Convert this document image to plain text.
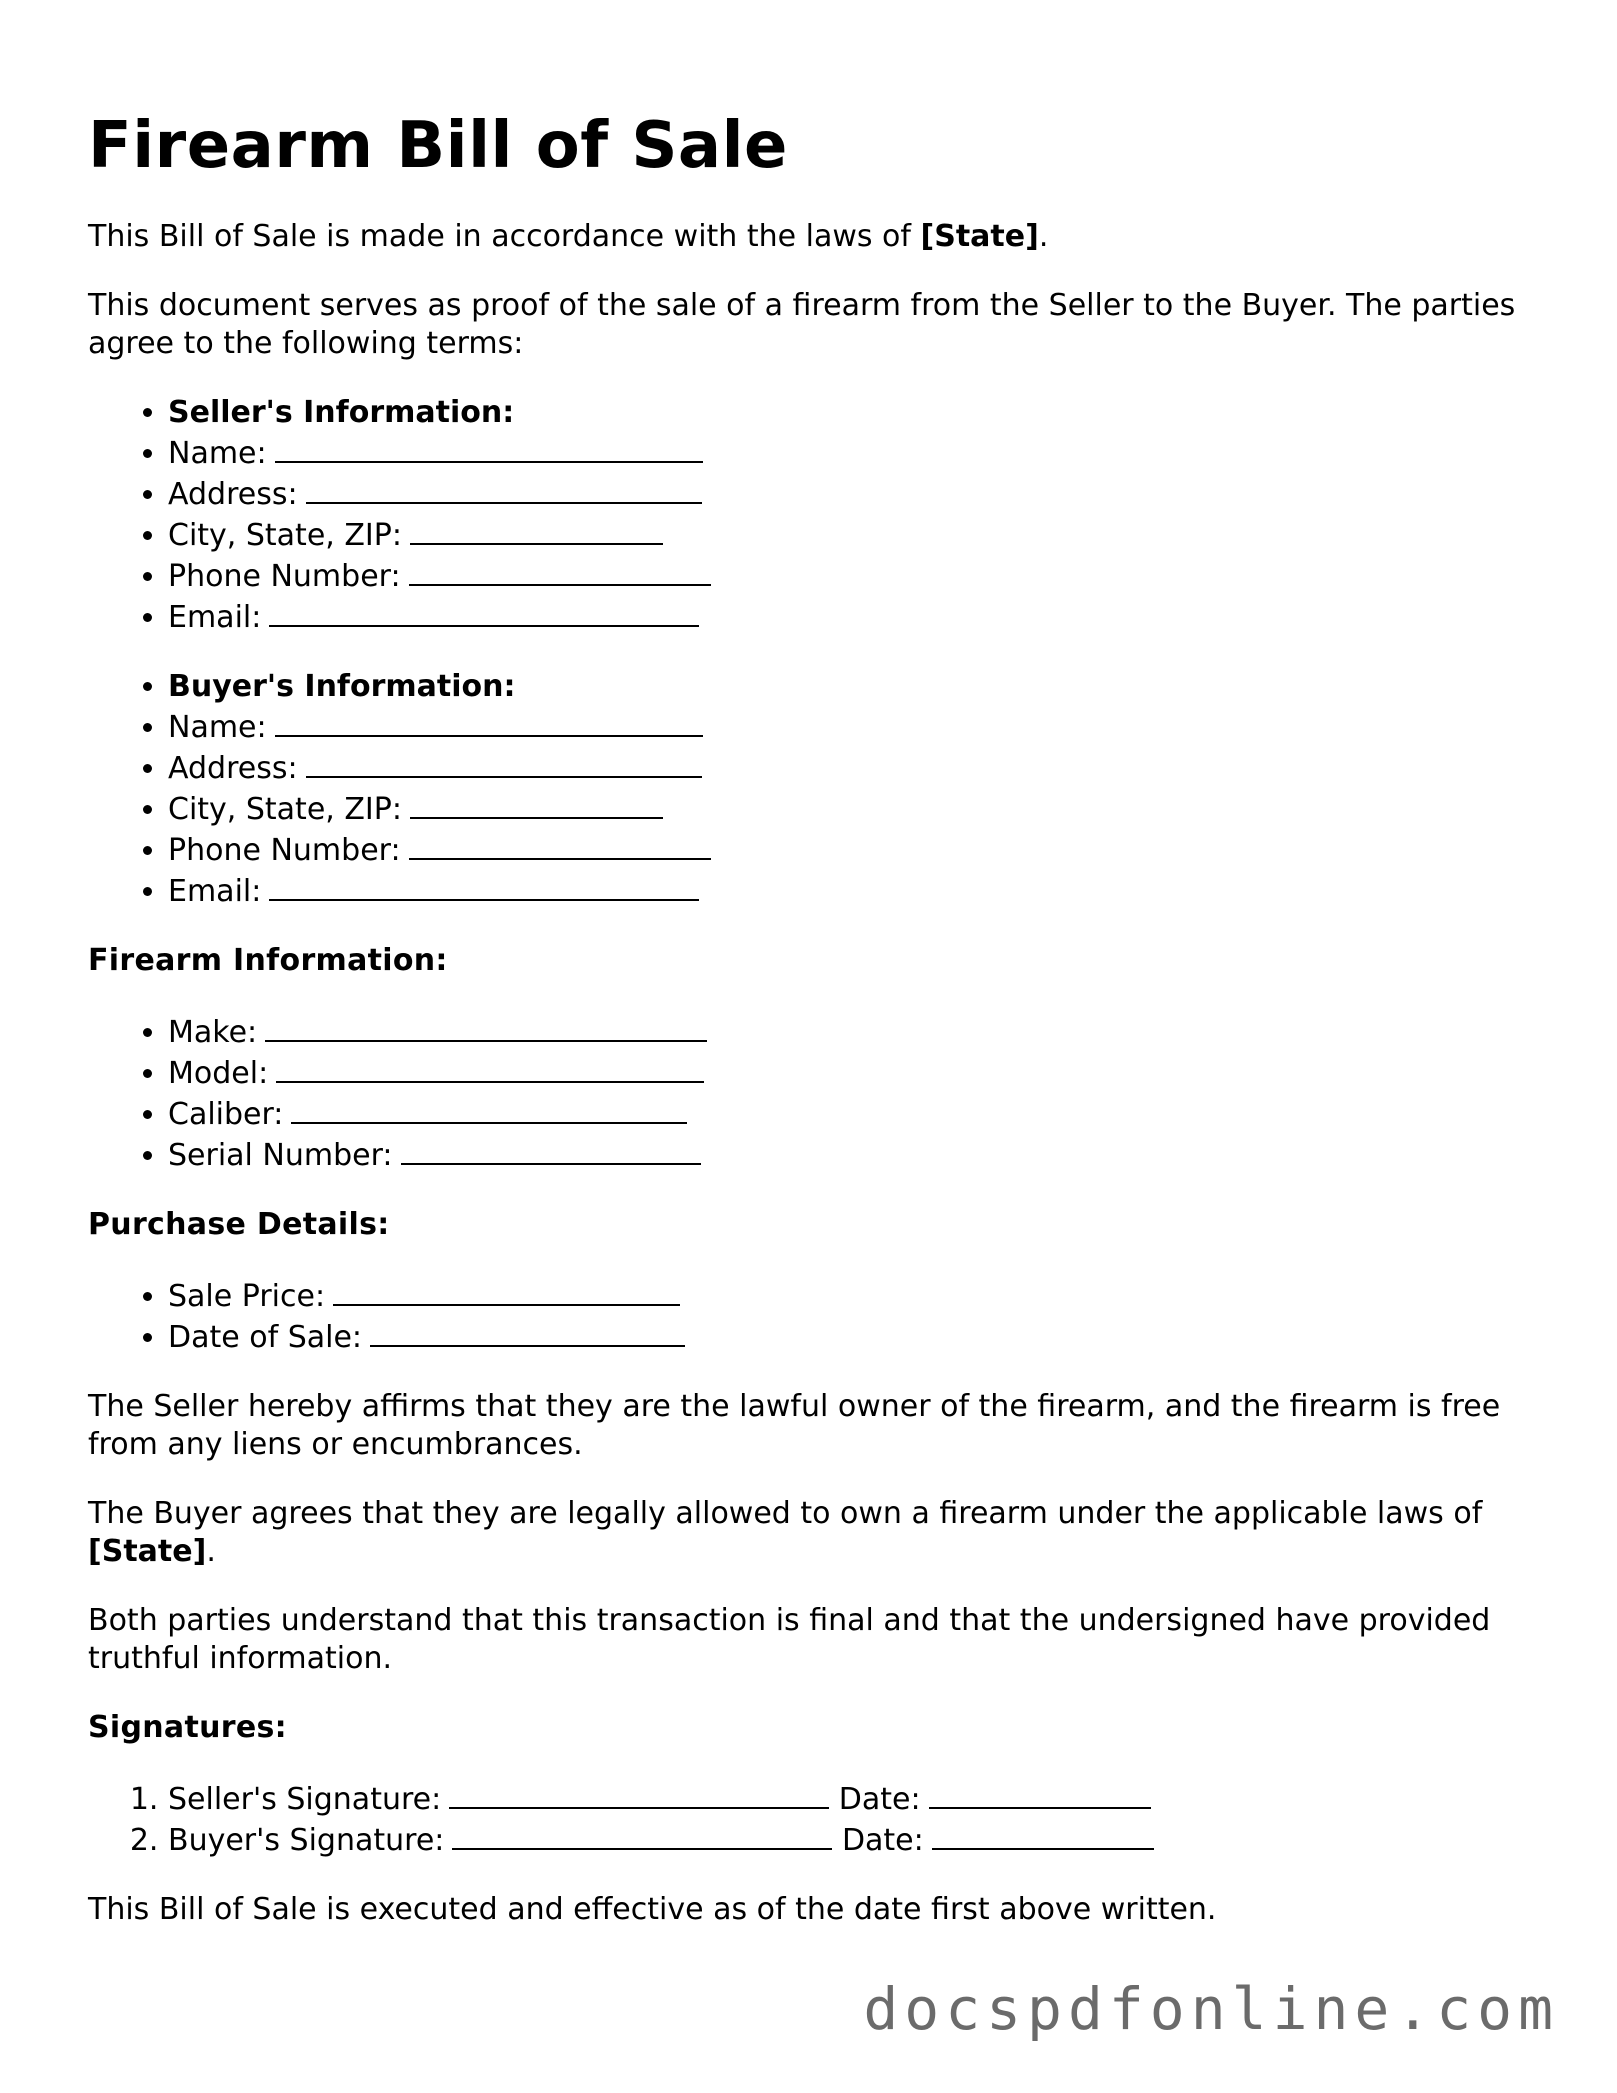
Firearm Bill of Sale

This Bill of Sale is made in accordance with the laws of [State].

This document serves as proof of the sale of a firearm from the Seller to the Buyer. The parties agree to the following terms:

• Seller's Information:
• Name:
• Address:
• City, State, ZIP:
• Phone Number:
• Email:
• Buyer's Information:
• Name:
• Address:
• City, State, ZIP:
• Phone Number:
• Email:
Firearm Information:
• Make:
• Model:
• Caliber:
• Serial Number:
Purchase Details:
• Sale Price:
• Date of Sale:

The Seller hereby affirms that they are the lawful owner of the firearm, and the firearm is free from any liens or encumbrances.

The Buyer agrees that they are legally allowed to own a firearm under the applicable laws of [State].

Both parties understand that this transaction is final and that the undersigned have provided truthful information.

Signatures:
1. Seller's Signature:	Date:
2. Buyer's Signature:	Date:

This Bill of Sale is executed and effective as of the date first above written.

docspdfonline.com
